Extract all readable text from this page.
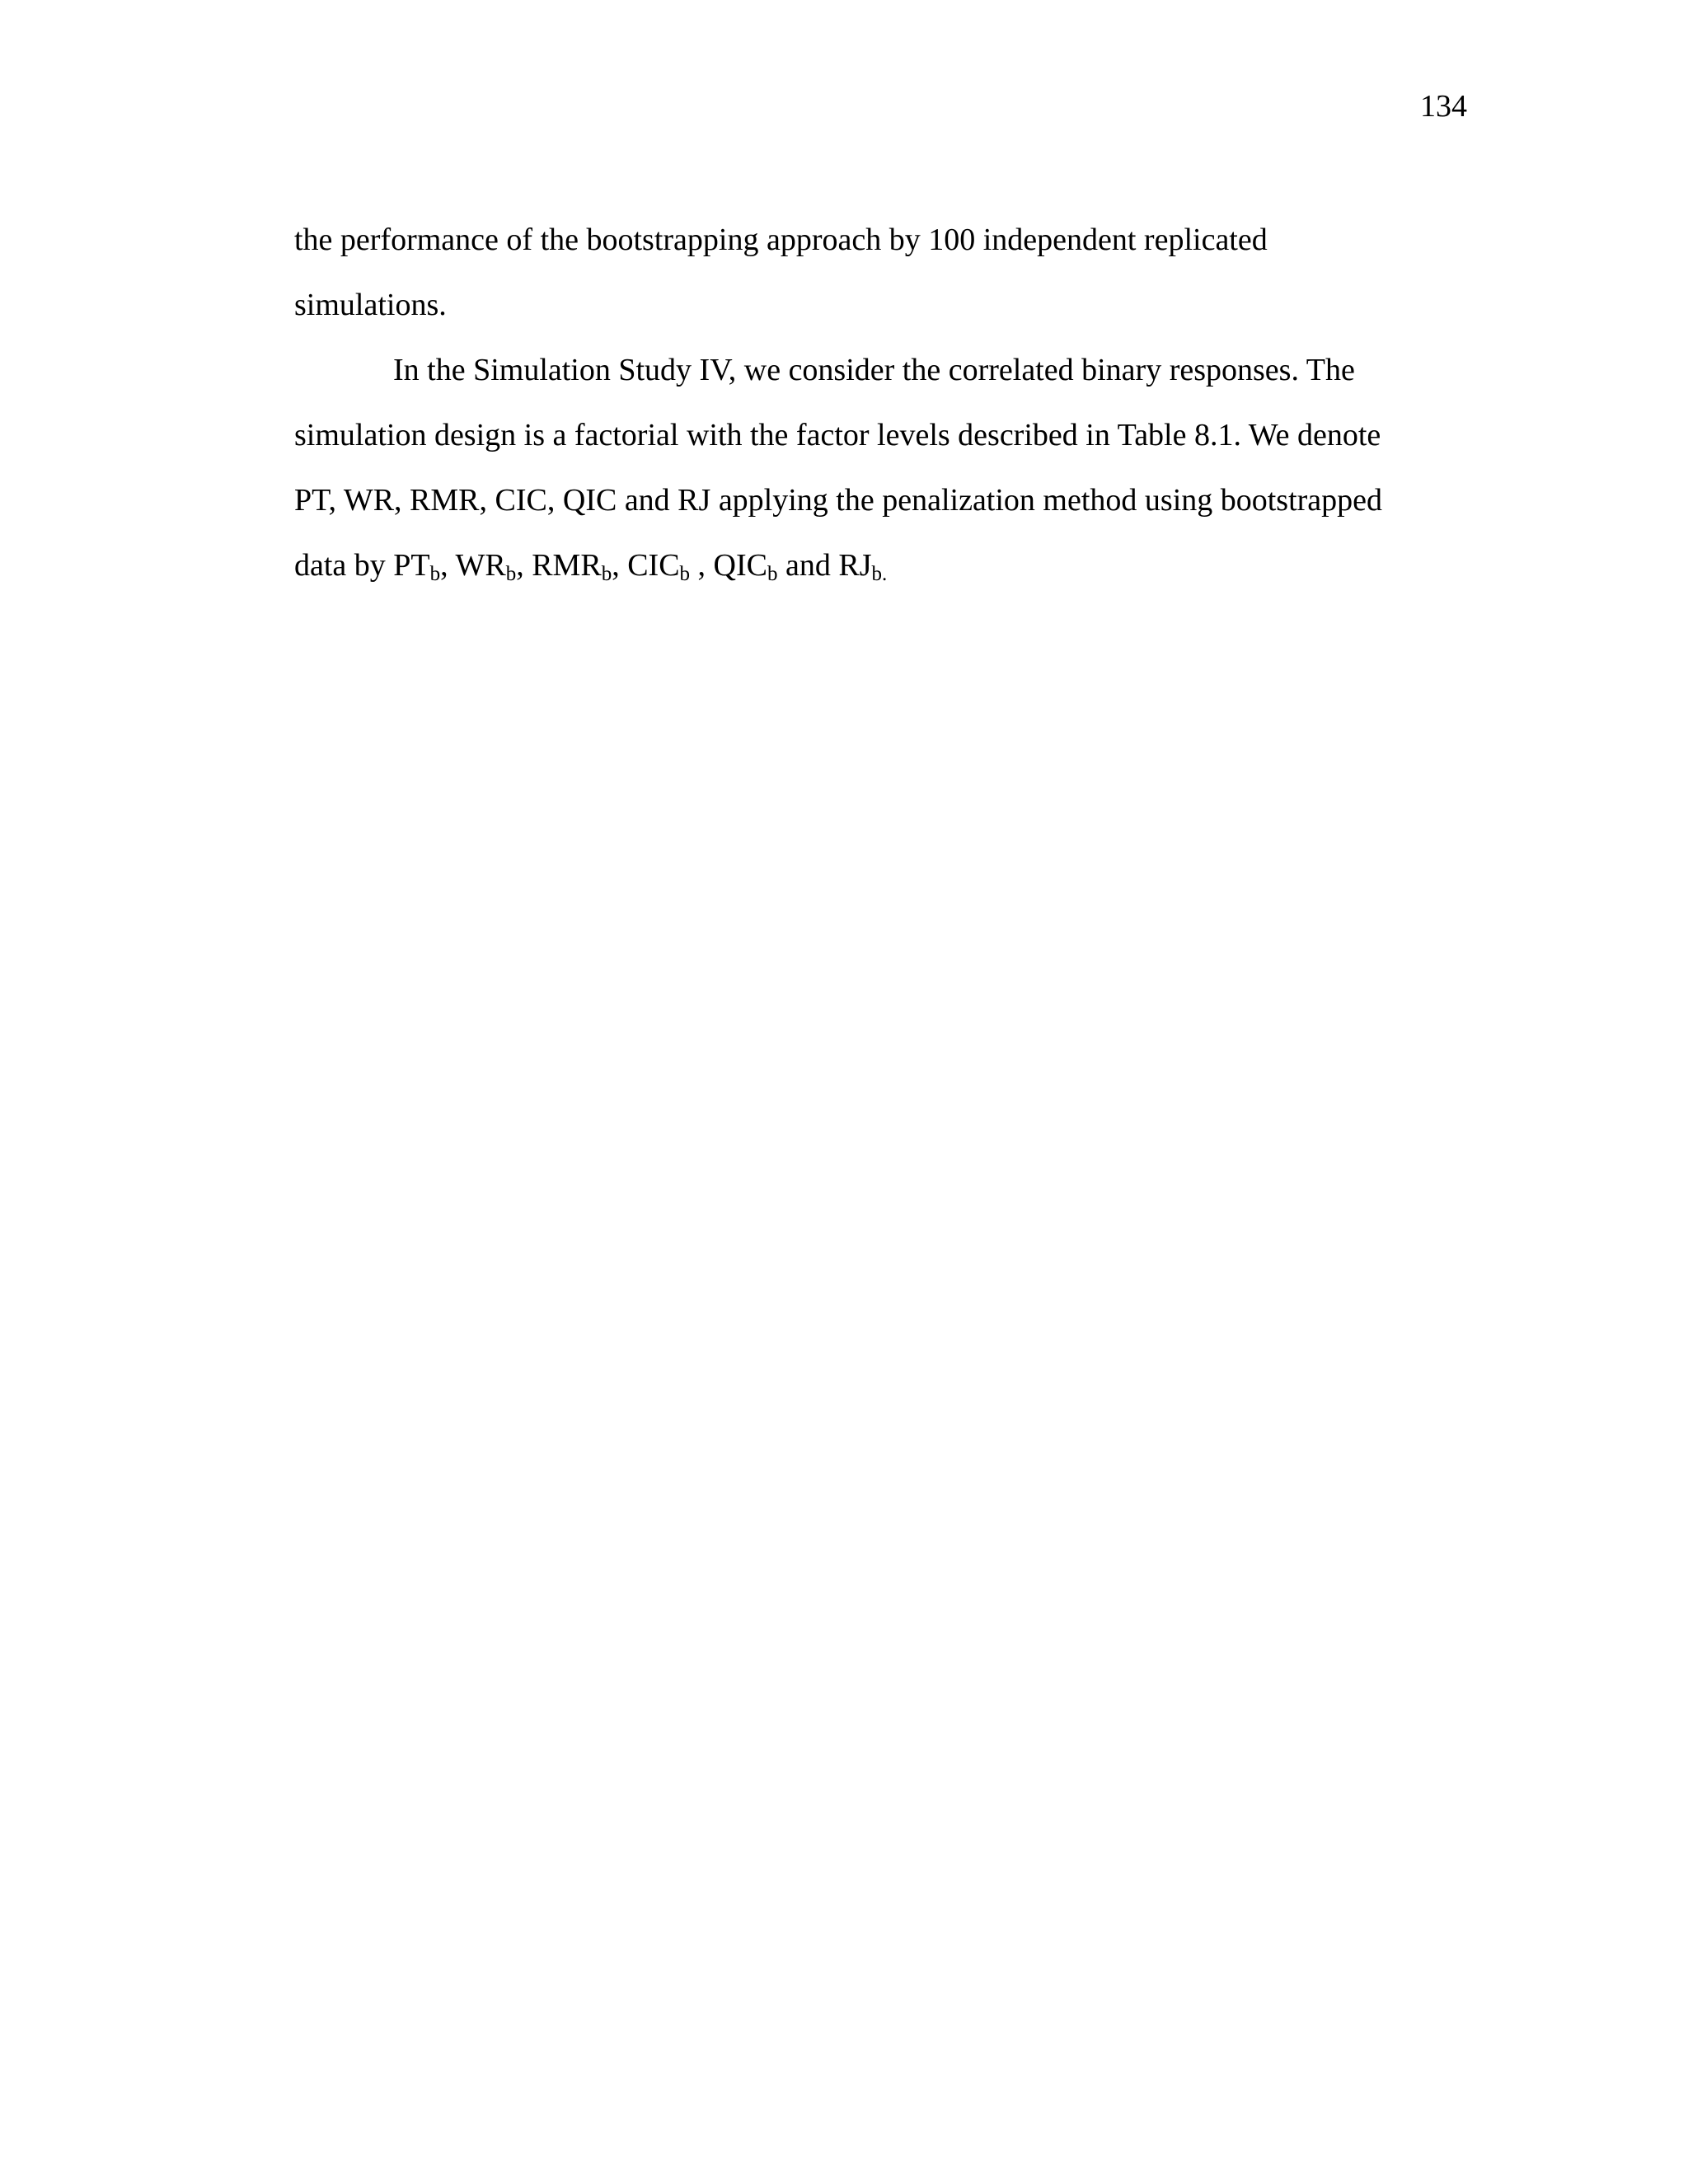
134
the performance of the bootstrapping approach by 100 independent replicated
simulations.
In the Simulation Study IV, we consider the correlated binary responses. The
simulation design is a factorial with the factor levels described in Table 8.1. We denote
PT, WR, RMR, CIC, QIC and RJ applying the penalization method using bootstrapped
data by $PT_b$, $WR_b$, $RMR_b$, $CIC_b$ , $QIC_b$ and $RJ_{b.}$
